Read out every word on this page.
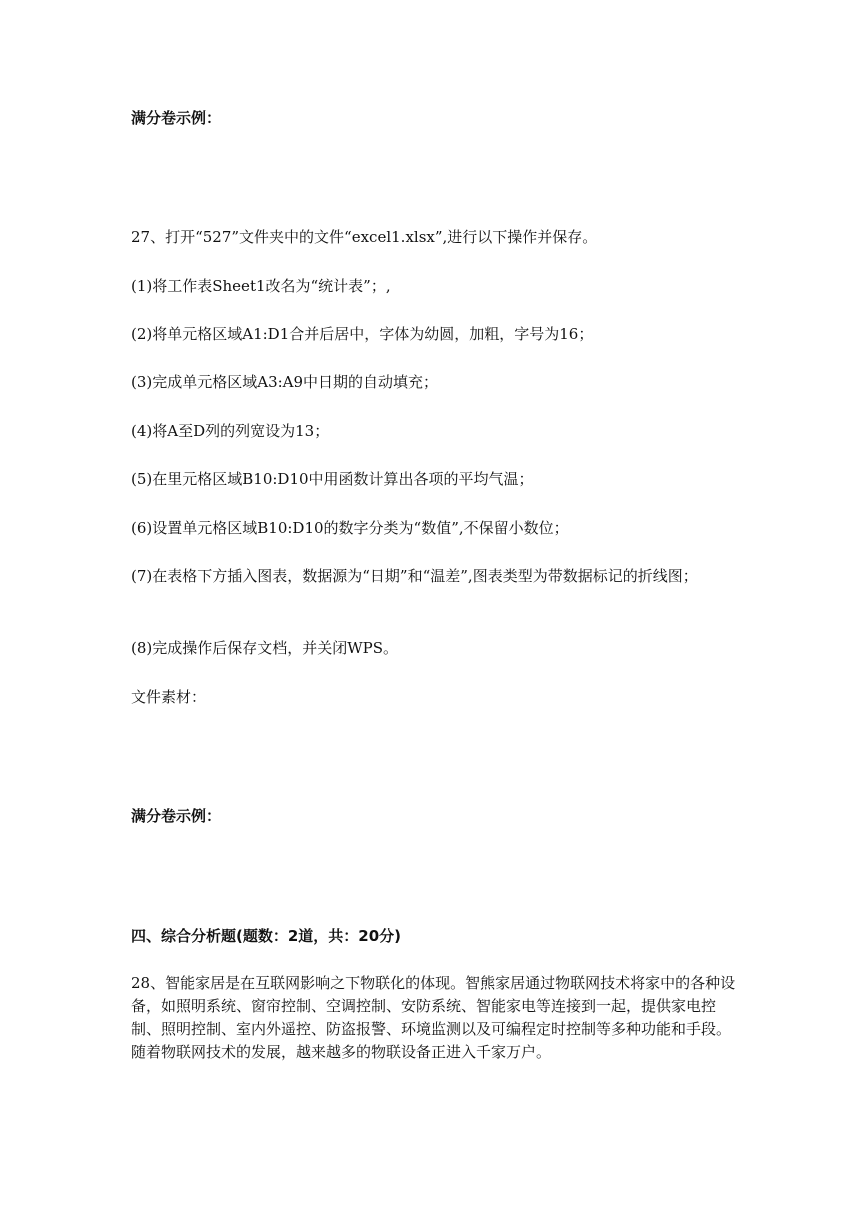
满分卷示例：

27、打开“527”文件夹中的文件“excel1.xlsx”,进行以下操作并保存。

(1)将工作表Sheet1改名为“统计表”；,

(2)将单元格区域A1:D1合并后居中，字体为幼圆，加粗，字号为16；

(3)完成单元格区域A3:A9中日期的自动填充；

(4)将A至D列的列宽设为13；

(5)在里元格区域B10:D10中用函数计算出各项的平均气温；

(6)设置单元格区域B10:D10的数字分类为“数值”,不保留小数位；

(7)在表格下方插入图表，数据源为“日期”和“温差”,图表类型为带数据标记的折线图；

(8)完成操作后保存文档，并关闭WPS。

文件素材：

满分卷示例：

四、综合分析题(题数：2道，共：20分)

28、智能家居是在互联网影响之下物联化的体现。智熊家居通过物联网技术将家中的各种设备，如照明系统、窗帘控制、空调控制、安防系统、智能家电等连接到一起，提供家电控制、照明控制、室内外遥控、防盗报警、环境监测以及可编程定时控制等多种功能和手段。随着物联网技术的发展，越来越多的物联设备正进入千家万户。
